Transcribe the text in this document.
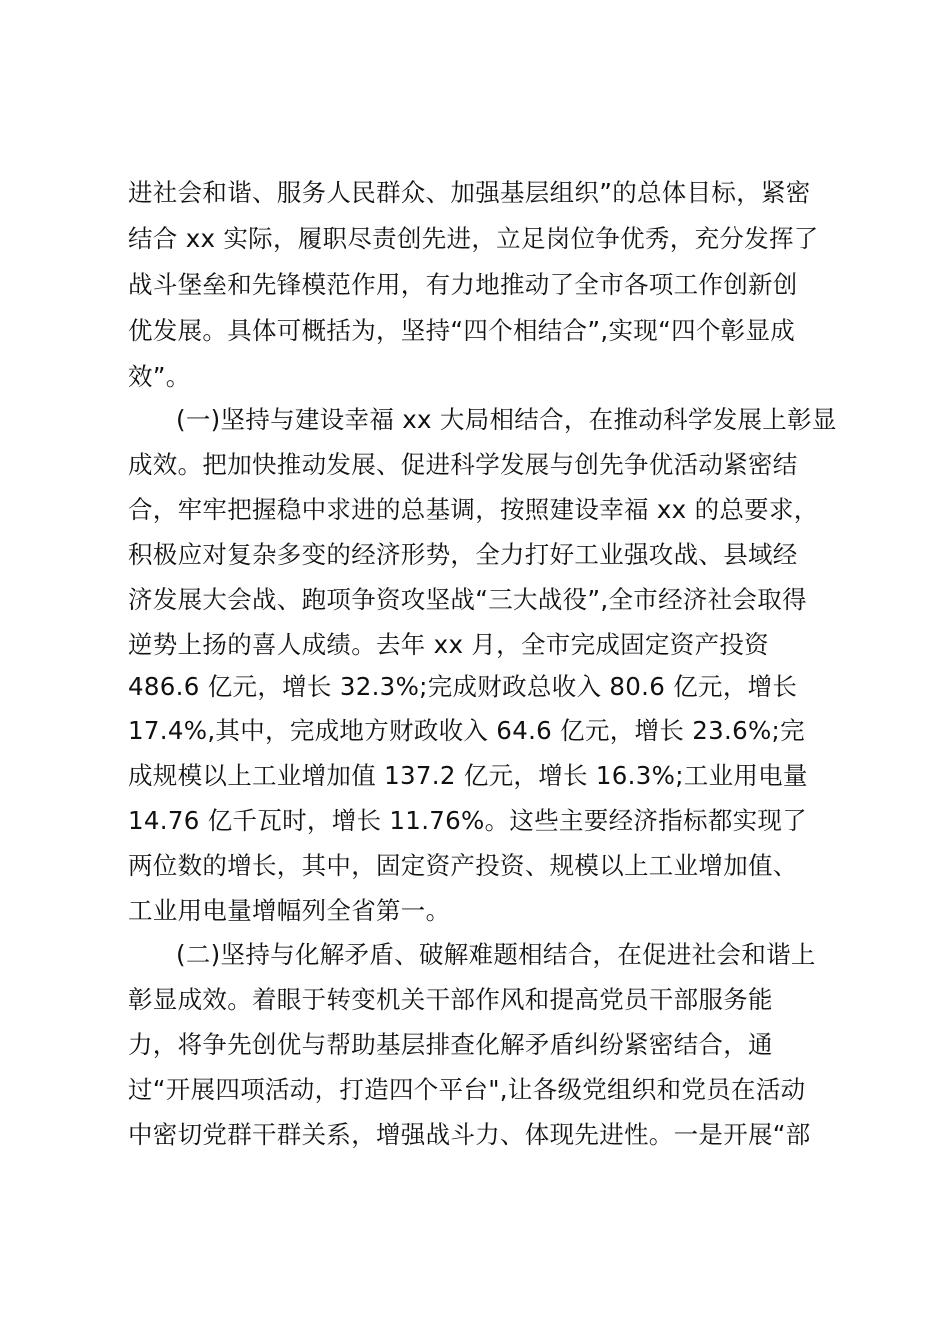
进社会和谐、服务人民群众、加强基层组织”的总体目标，紧密
结合 xx 实际，履职尽责创先进，立足岗位争优秀，充分发挥了
战斗堡垒和先锋模范作用，有力地推动了全市各项工作创新创
优发展。具体可概括为，坚持“四个相结合”,实现“四个彰显成
效”。
(一)坚持与建设幸福 xx 大局相结合，在推动科学发展上彰显
成效。把加快推动发展、促进科学发展与创先争优活动紧密结
合，牢牢把握稳中求进的总基调，按照建设幸福 xx 的总要求，
积极应对复杂多变的经济形势，全力打好工业强攻战、县域经
济发展大会战、跑项争资攻坚战“三大战役”,全市经济社会取得
逆势上扬的喜人成绩。去年 xx 月，全市完成固定资产投资
486.6 亿元，增长 32.3%;完成财政总收入 80.6 亿元，增长
17.4%,其中，完成地方财政收入 64.6 亿元，增长 23.6%;完
成规模以上工业增加值 137.2 亿元，增长 16.3%;工业用电量
14.76 亿千瓦时，增长 11.76%。这些主要经济指标都实现了
两位数的增长，其中，固定资产投资、规模以上工业增加值、
工业用电量增幅列全省第一。
(二)坚持与化解矛盾、破解难题相结合，在促进社会和谐上
彰显成效。着眼于转变机关干部作风和提高党员干部服务能
力，将争先创优与帮助基层排查化解矛盾纠纷紧密结合，通
过“开展四项活动，打造四个平台",让各级党组织和党员在活动
中密切党群干群关系，增强战斗力、体现先进性。一是开展“部
